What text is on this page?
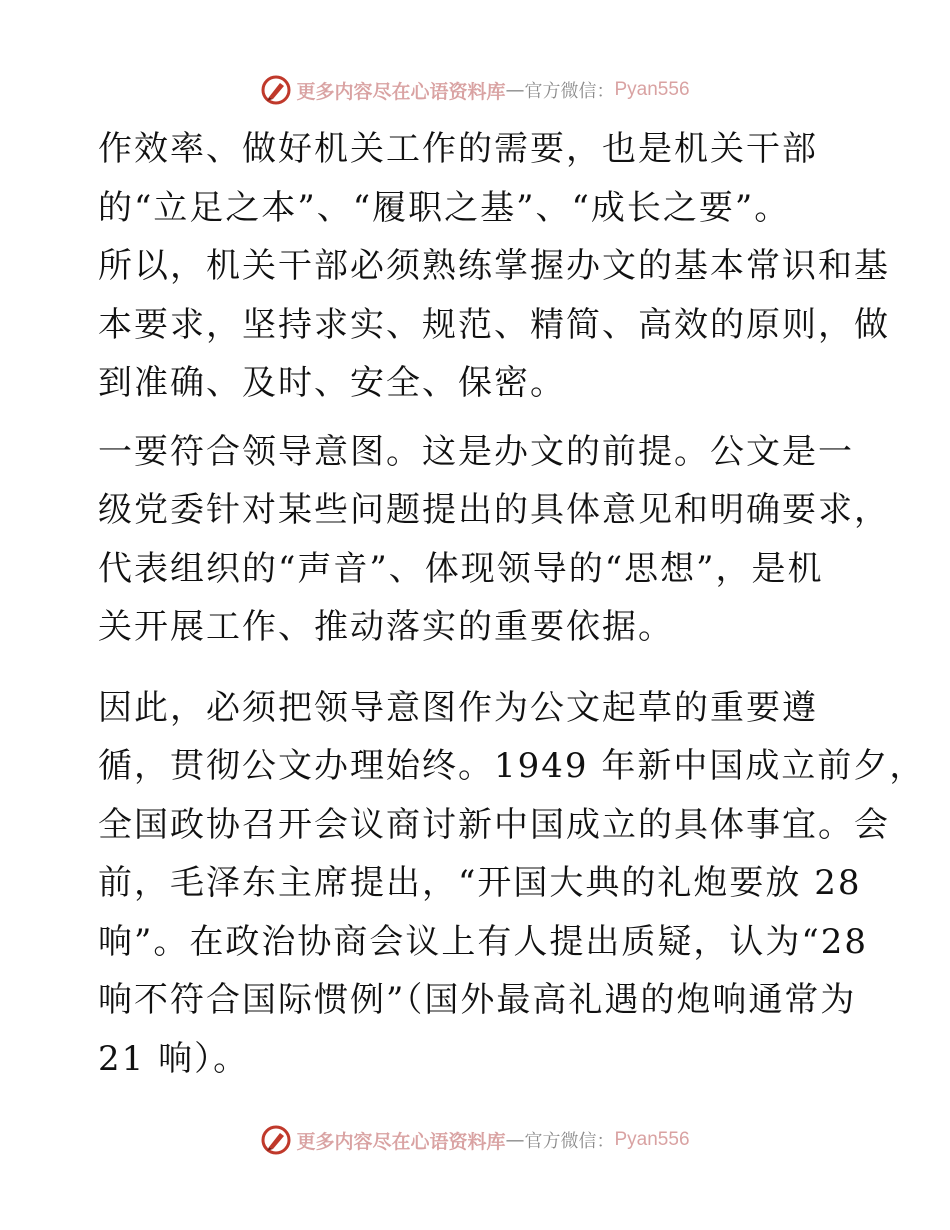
更多内容尽在心语资料库 — 官方微信： Pyan556

作效率、做好机关工作的需要，也是机关干部
的“立足之本”、“履职之基”、“成长之要”。
所以，机关干部必须熟练掌握办文的基本常识和基
本要求，坚持求实、规范、精简、高效的原则，做
到准确、及时、安全、保密。

一要符合领导意图。这是办文的前提。公文是一
级党委针对某些问题提出的具体意见和明确要求，
代表组织的“声音”、体现领导的“思想”，是机
关开展工作、推动落实的重要依据。

因此，必须把领导意图作为公文起草的重要遵
循，贯彻公文办理始终。1949 年新中国成立前夕，
全国政协召开会议商讨新中国成立的具体事宜。会
前，毛泽东主席提出，“开国大典的礼炮要放 28
响”。在政治协商会议上有人提出质疑，认为“28
响不符合国际惯例”（国外最高礼遇的炮响通常为
21 响）。

更多内容尽在心语资料库 — 官方微信： Pyan556
